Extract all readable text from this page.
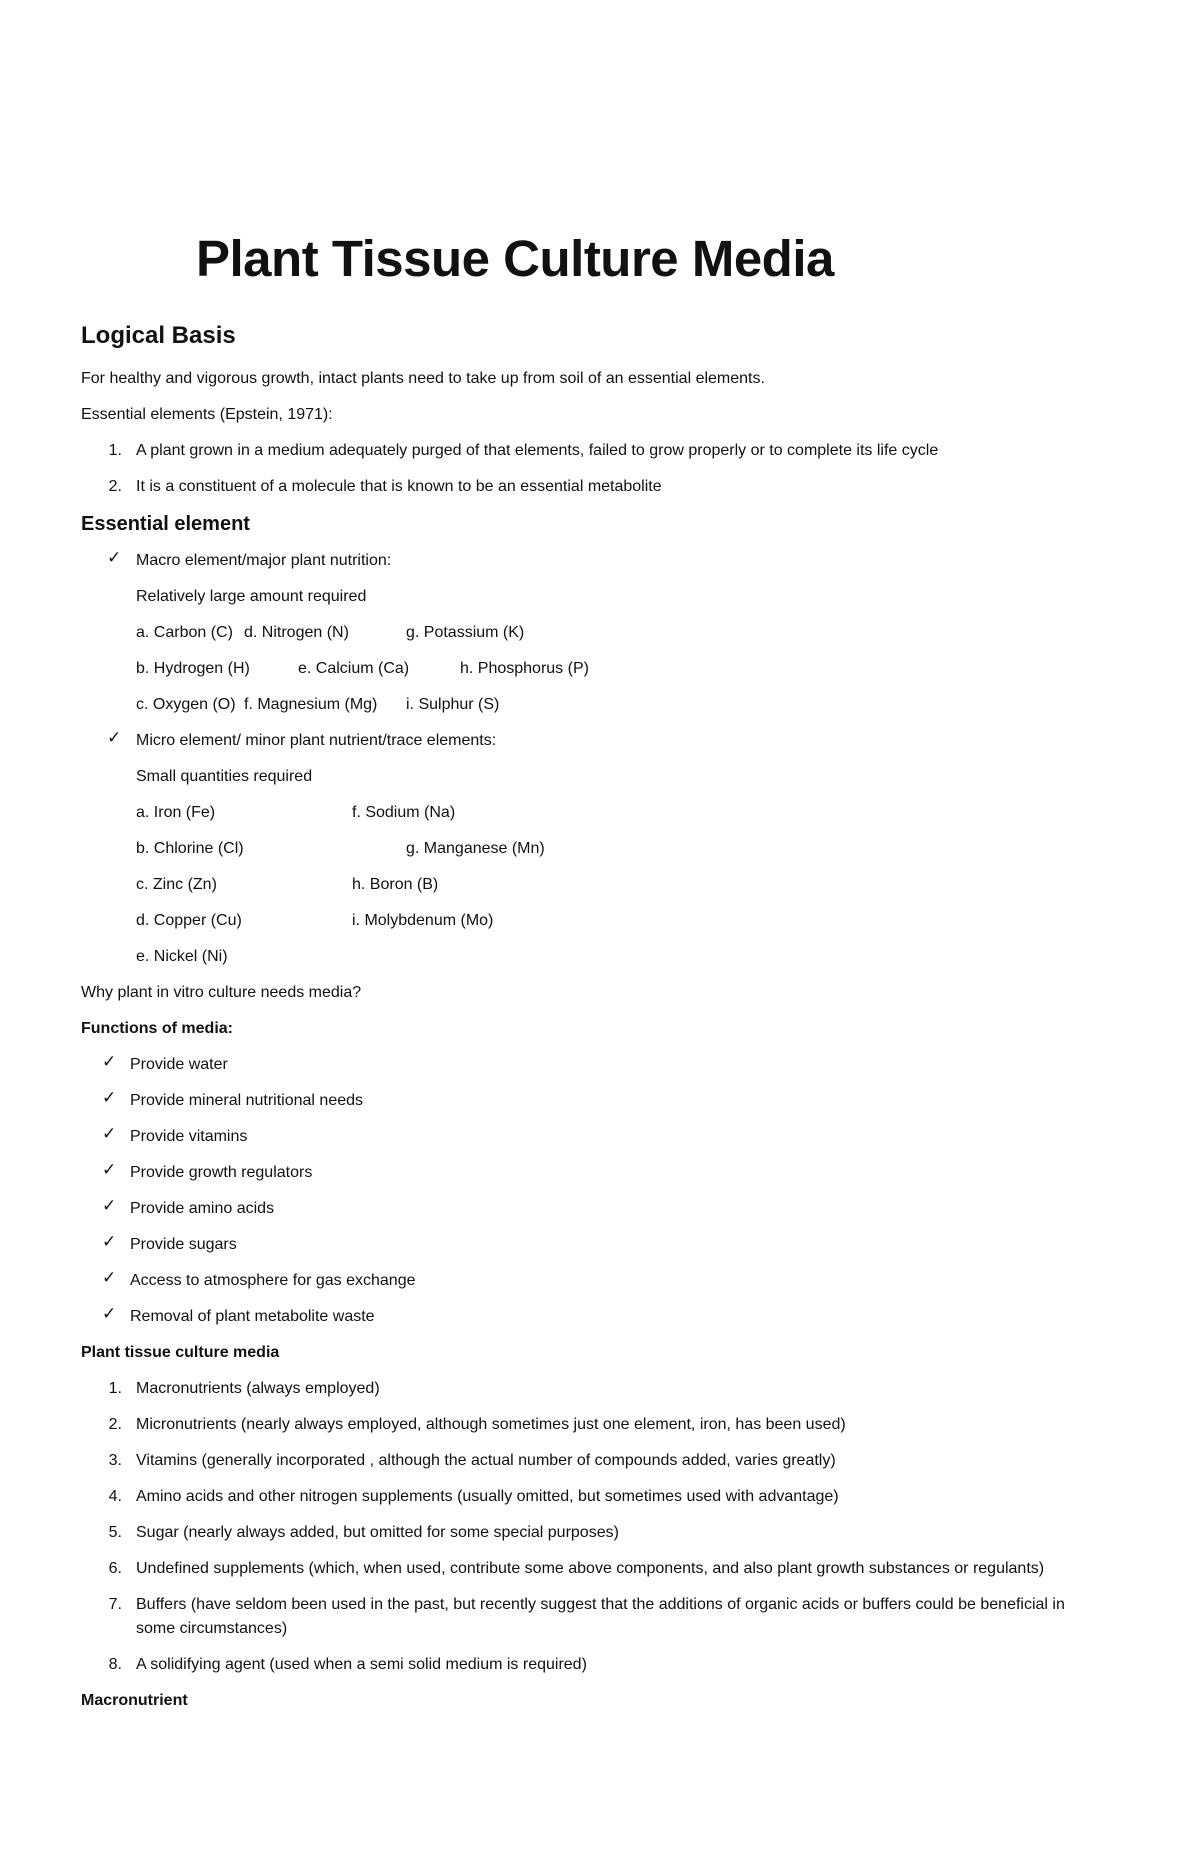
Plant Tissue Culture Media
Logical Basis
For healthy and vigorous growth, intact plants need to take up from soil of an essential elements.
Essential elements (Epstein, 1971):
1. A plant grown in a medium adequately purged of that elements, failed to grow properly or to complete its life cycle
2. It is a constituent of a molecule that is known to be an essential metabolite
Essential element
✓ Macro element/major plant nutrition:
Relatively large amount required
a. Carbon (C) d. Nitrogen (N)	g. Potassium (K)
b. Hydrogen (H)	e. Calcium (Ca)	h. Phosphorus (P)
c. Oxygen (O) f. Magnesium (Mg) i. Sulphur (S)
✓ Micro element/ minor plant nutrient/trace elements:
Small quantities required
a. Iron (Fe)	f. Sodium (Na)
b. Chlorine (Cl)	g. Manganese (Mn)
c. Zinc (Zn)	h. Boron (B)
d. Copper (Cu)	i. Molybdenum (Mo)
e. Nickel (Ni)
Why plant in vitro culture needs media?
Functions of media:
✓ Provide water
✓ Provide mineral nutritional needs
✓ Provide vitamins
✓ Provide growth regulators
✓ Provide amino acids
✓ Provide sugars
✓ Access to atmosphere for gas exchange
✓ Removal of plant metabolite waste
Plant tissue culture media
1. Macronutrients (always employed)
2. Micronutrients (nearly always employed, although sometimes just one element, iron, has been used)
3. Vitamins (generally incorporated , although the actual number of compounds added, varies greatly)
4. Amino acids and other nitrogen supplements (usually omitted, but sometimes used with advantage)
5. Sugar (nearly always added, but omitted for some special purposes)
6. Undefined supplements (which, when used, contribute some above components, and also plant growth substances or regulants)
7. Buffers (have seldom been used in the past, but recently suggest that the additions of organic acids or buffers could be beneficial in
some circumstances)
8. A solidifying agent (used when a semi solid medium is required)
Macronutrient
